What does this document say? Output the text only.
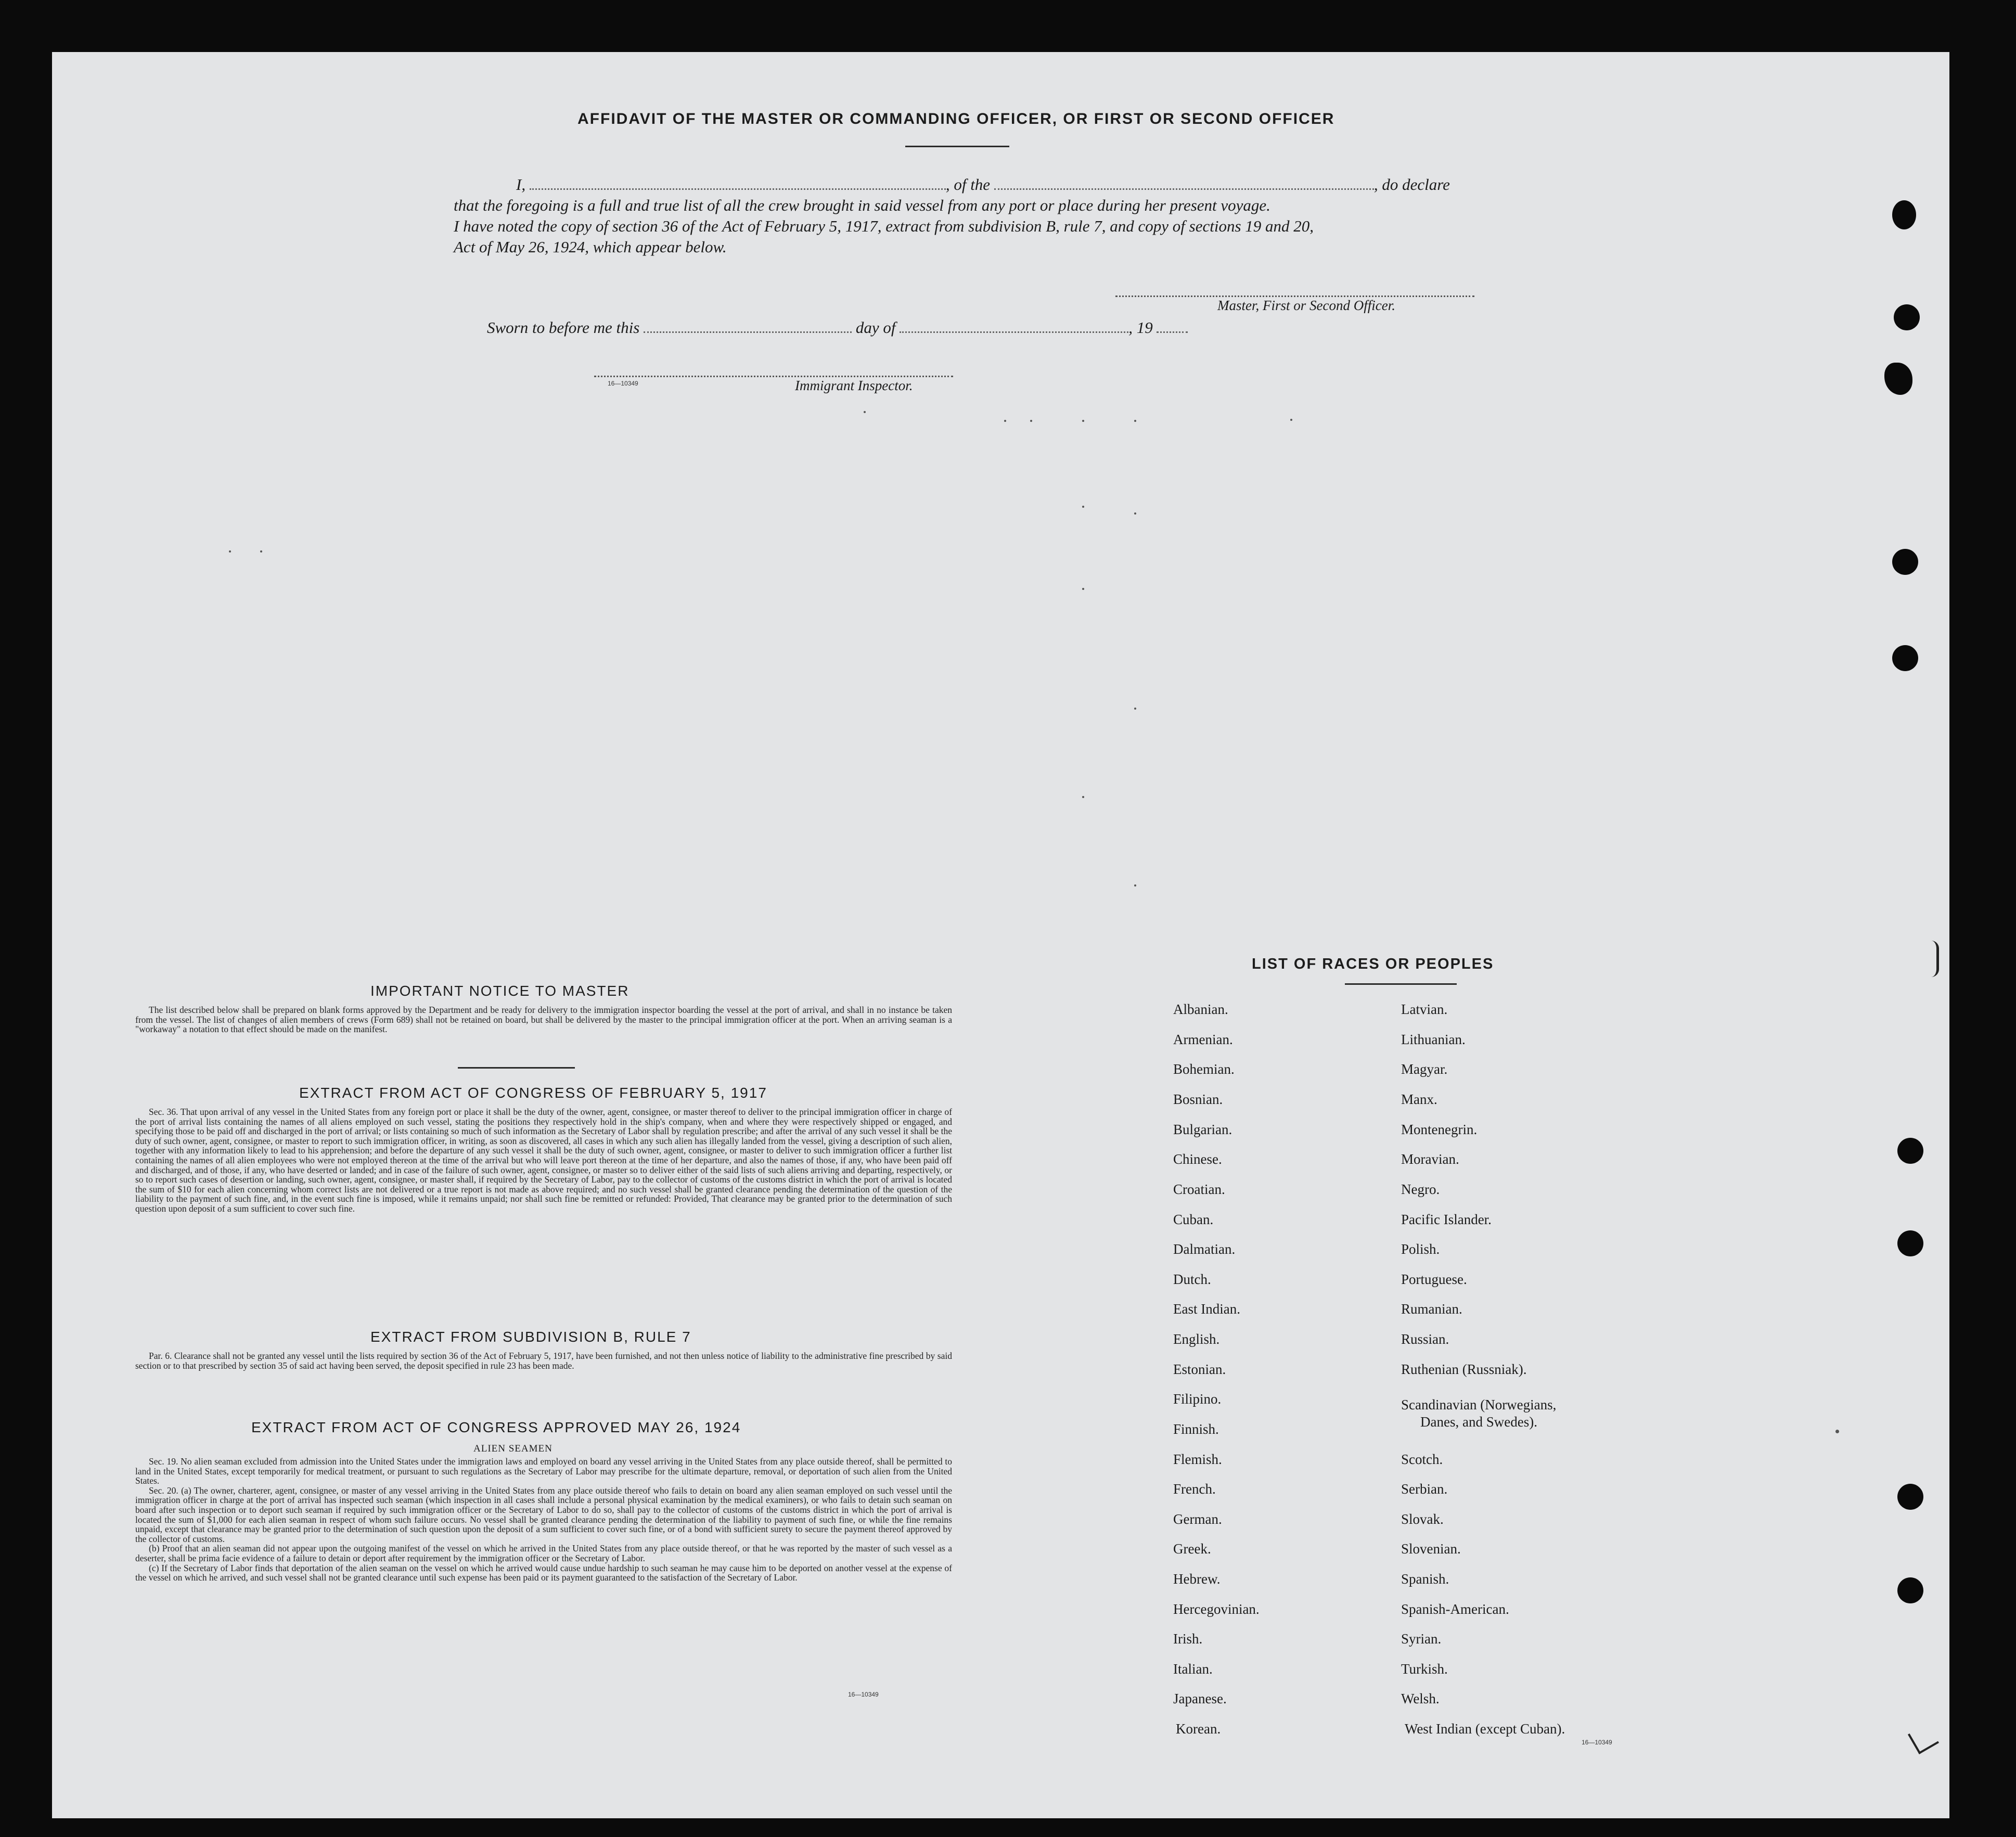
AFFIDAVIT OF THE MASTER OR COMMANDING OFFICER, OR FIRST OR SECOND OFFICER
I,	, of the	, do declare
that the foregoing is a full and true list of all the crew brought in said vessel from any port or place during her present voyage.
I have noted the copy of section 36 of the Act of February 5, 1917, extract from subdivision B, rule 7, and copy of sections 19 and 20,
Act of May 26, 1924, which appear below.
Master, First or Second Officer.
Sworn to before me this	day of	, 19
16—10349	Immigrant Inspector.
IMPORTANT NOTICE TO MASTER

The list described below shall be prepared on blank forms approved by the Department and be ready for delivery to the immigration inspector boarding the vessel at the port of arrival, and shall in no instance be taken from the vessel. The list of changes of alien members of crews (Form 689) shall not be retained on board, but shall be delivered by the master to the principal immigration officer at the port. When an arriving seaman is a "workaway" a notation to that effect should be made on the manifest.

EXTRACT FROM ACT OF CONGRESS OF FEBRUARY 5, 1917

Sec. 36. That upon arrival of any vessel in the United States from any foreign port or place it shall be the duty of the owner, agent, consignee, or master thereof to deliver to the principal immigration officer in charge of the port of arrival lists containing the names of all aliens employed on such vessel, stating the positions they respectively hold in the ship's company, when and where they were respectively shipped or engaged, and specifying those to be paid off and discharged in the port of arrival; or lists containing so much of such information as the Secretary of Labor shall by regulation prescribe; and after the arrival of any such vessel it shall be the duty of such owner, agent, consignee, or master to report to such immigration officer, in writing, as soon as discovered, all cases in which any such alien has illegally landed from the vessel, giving a description of such alien, together with any information likely to lead to his apprehension; and before the departure of any such vessel it shall be the duty of such owner, agent, consignee, or master to deliver to such immigration officer a further list containing the names of all alien employees who were not employed thereon at the time of the arrival but who will leave port thereon at the time of her departure, and also the names of those, if any, who have been paid off and discharged, and of those, if any, who have deserted or landed; and in case of the failure of such owner, agent, consignee, or master so to deliver either of the said lists of such aliens arriving and departing, respectively, or so to report such cases of desertion or landing, such owner, agent, consignee, or master shall, if required by the Secretary of Labor, pay to the collector of customs of the customs district in which the port of arrival is located the sum of $10 for each alien concerning whom correct lists are not delivered or a true report is not made as above required; and no such vessel shall be granted clearance pending the determination of the question of the liability to the payment of such fine, and, in the event such fine is imposed, while it remains unpaid; nor shall such fine be remitted or refunded: Provided, That clearance may be granted prior to the determination of such question upon deposit of a sum sufficient to cover such fine.

EXTRACT FROM SUBDIVISION B, RULE 7

Par. 6. Clearance shall not be granted any vessel until the lists required by section 36 of the Act of February 5, 1917, have been furnished, and not then unless notice of liability to the administrative fine prescribed by said section or to that prescribed by section 35 of said act having been served, the deposit specified in rule 23 has been made.

EXTRACT FROM ACT OF CONGRESS APPROVED MAY 26, 1924
ALIEN SEAMEN

Sec. 19. No alien seaman excluded from admission into the United States under the immigration laws and employed on board any vessel arriving in the United States from any place outside thereof, shall be permitted to land in the United States, except temporarily for medical treatment, or pursuant to such regulations as the Secretary of Labor may prescribe for the ultimate departure, removal, or deportation of such alien from the United States.

Sec. 20. (a) The owner, charterer, agent, consignee, or master of any vessel arriving in the United States from any place outside thereof who fails to detain on board any alien seaman employed on such vessel until the immigration officer in charge at the port of arrival has inspected such seaman (which inspection in all cases shall include a personal physical examination by the medical examiners), or who fails to detain such seaman on board after such inspection or to deport such seaman if required by such immigration officer or the Secretary of Labor to do so, shall pay to the collector of customs of the customs district in which the port of arrival is located the sum of $1,000 for each alien seaman in respect of whom such failure occurs. No vessel shall be granted clearance pending the determination of the liability to payment of such fine, or while the fine remains unpaid, except that clearance may be granted prior to the determination of such question upon the deposit of a sum sufficient to cover such fine, or of a bond with sufficient surety to secure the payment thereof approved by the collector of customs.

(b) Proof that an alien seaman did not appear upon the outgoing manifest of the vessel on which he arrived in the United States from any place outside thereof, or that he was reported by the master of such vessel as a deserter, shall be prima facie evidence of a failure to detain or deport after requirement by the immigration officer or the Secretary of Labor.

(c) If the Secretary of Labor finds that deportation of the alien seaman on the vessel on which he arrived would cause undue hardship to such seaman he may cause him to be deported on another vessel at the expense of the vessel on which he arrived, and such vessel shall not be granted clearance until such expense has been paid or its payment guaranteed to the satisfaction of the Secretary of Labor.

16—10349
LIST OF RACES OR PEOPLES
Albanian.
Armenian.
Bohemian.
Bosnian.
Bulgarian.
Chinese.
Croatian.
Cuban.
Dalmatian.
Dutch.
East Indian.
English.
Estonian.
Filipino.
Finnish.
Flemish.
French.
German.
Greek.
Hebrew.
Hercegovinian.
Irish.
Italian.
Japanese.
Korean.
Latvian.
Lithuanian.
Magyar.
Manx.
Montenegrin.
Moravian.
Negro.
Pacific Islander.
Polish.
Portuguese.
Rumanian.
Russian.
Ruthenian (Russniak).
Scandinavian (Norwegians,
Danes, and Swedes).
Scotch.
Serbian.
Slovak.
Slovenian.
Spanish.
Spanish-American.
Syrian.
Turkish.
Welsh.
West Indian (except Cuban).
16—10349
